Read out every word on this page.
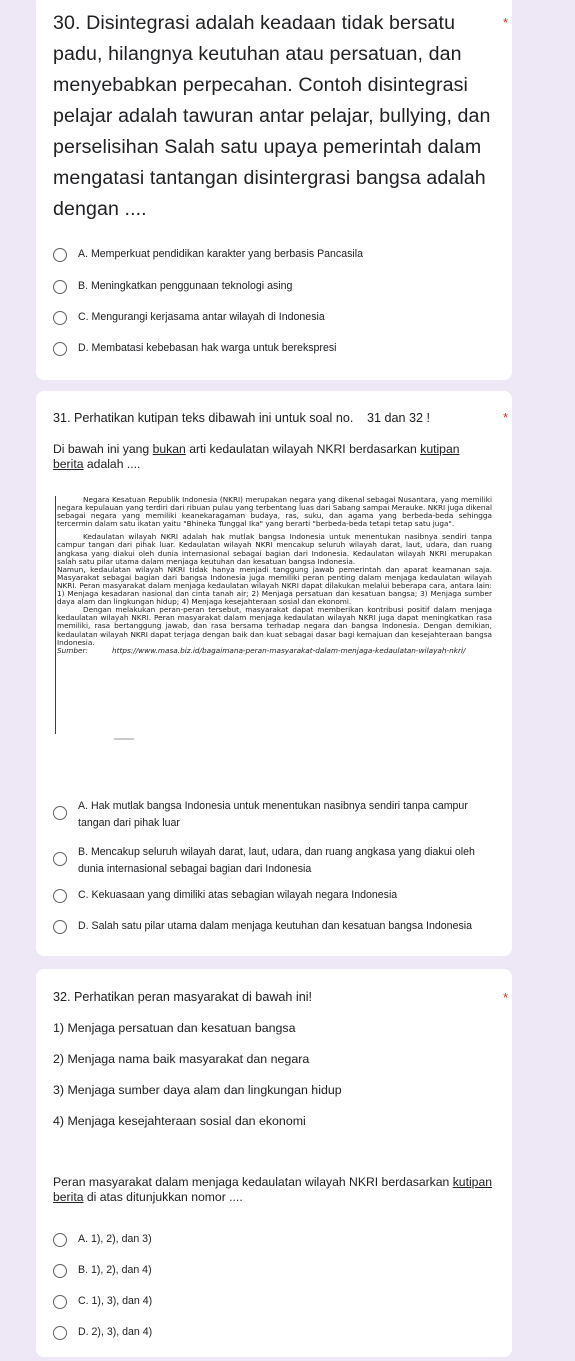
30. Disintegrasi adalah keadaan tidak bersatu padu, hilangnya keutuhan atau persatuan, dan menyebabkan perpecahan. Contoh disintegrasi pelajar adalah tawuran antar pelajar, bullying, dan perselisihan Salah satu upaya pemerintah dalam mengatasi tantangan disintergrasi bangsa adalah dengan ....
*
A. Memperkuat pendidikan karakter yang berbasis Pancasila
B. Meningkatkan penggunaan teknologi asing
C. Mengurangi kerjasama antar wilayah di Indonesia
D. Membatasi kebebasan hak warga untuk berekspresi
31. Perhatikan kutipan teks dibawah ini untuk soal no. 31 dan 32 !	*
Di bawah ini yang bukan arti kedaulatan wilayah NKRI berdasarkan kutipan berita adalah ....

Negara Kesatuan Republik Indonesia (NKRI) merupakan negara yang dikenal sebagai Nusantara, yang memiliki negara kepulauan yang terdiri dari ribuan pulau yang terbentang luas dari Sabang sampai Merauke. NKRI juga dikenal sebagai negara yang memiliki keanekaragaman budaya, ras, suku, dan agama yang berbeda-beda sehingga tercermin dalam satu ikatan yaitu "Bhineka Tunggal Ika" yang berarti "berbeda-beda tetapi tetap satu juga".

Kedaulatan wilayah NKRI adalah hak mutlak bangsa Indonesia untuk menentukan nasibnya sendiri tanpa campur tangan dari pihak luar. Kedaulatan wilayah NKRI mencakup seluruh wilayah darat, laut, udara, dan ruang angkasa yang diakui oleh dunia internasional sebagai bagian dari Indonesia. Kedaulatan wilayah NKRI merupakan salah satu pilar utama dalam menjaga keutuhan dan kesatuan bangsa Indonesia.

Namun, kedaulatan wilayah NKRI tidak hanya menjadi tanggung jawab pemerintah dan aparat keamanan saja. Masyarakat sebagai bagian dari bangsa Indonesia juga memiliki peran penting dalam menjaga kedaulatan wilayah NKRI. Peran masyarakat dalam menjaga kedaulatan wilayah NKRI dapat dilakukan melalui beberapa cara, antara lain: 1) Menjaga kesadaran nasional dan cinta tanah air; 2) Menjaga persatuan dan kesatuan bangsa; 3) Menjaga sumber daya alam dan lingkungan hidup; 4) Menjaga kesejahteraan sosial dan ekonomi.

Dengan melakukan peran-peran tersebut, masyarakat dapat memberikan kontribusi positif dalam menjaga kedaulatan wilayah NKRI. Peran masyarakat dalam menjaga kedaulatan wilayah NKRI juga dapat meningkatkan rasa memiliki, rasa bertanggung jawab, dan rasa bersama terhadap negara dan bangsa Indonesia. Dengan demikian, kedaulatan wilayah NKRI dapat terjaga dengan baik dan kuat sebagai dasar bagi kemajuan dan kesejahteraan bangsa Indonesia.

Sumber:	https://www.masa.biz.id/bagaimana-peran-masyarakat-dalam-menjaga-kedaulatan-wilayah-nkri/
A. Hak mutlak bangsa Indonesia untuk menentukan nasibnya sendiri tanpa campur tangan dari pihak luar
B. Mencakup seluruh wilayah darat, laut, udara, dan ruang angkasa yang diakui oleh dunia internasional sebagai bagian dari Indonesia
C. Kekuasaan yang dimiliki atas sebagian wilayah negara Indonesia
D. Salah satu pilar utama dalam menjaga keutuhan dan kesatuan bangsa Indonesia
32. Perhatikan peran masyarakat di bawah ini!	*
1) Menjaga persatuan dan kesatuan bangsa
2) Menjaga nama baik masyarakat dan negara
3) Menjaga sumber daya alam dan lingkungan hidup
4) Menjaga kesejahteraan sosial dan ekonomi
Peran masyarakat dalam menjaga kedaulatan wilayah NKRI berdasarkan kutipan berita di atas ditunjukkan nomor ....
A. 1), 2), dan 3)
B. 1), 2), dan 4)
C. 1), 3), dan 4)
D. 2), 3), dan 4)
